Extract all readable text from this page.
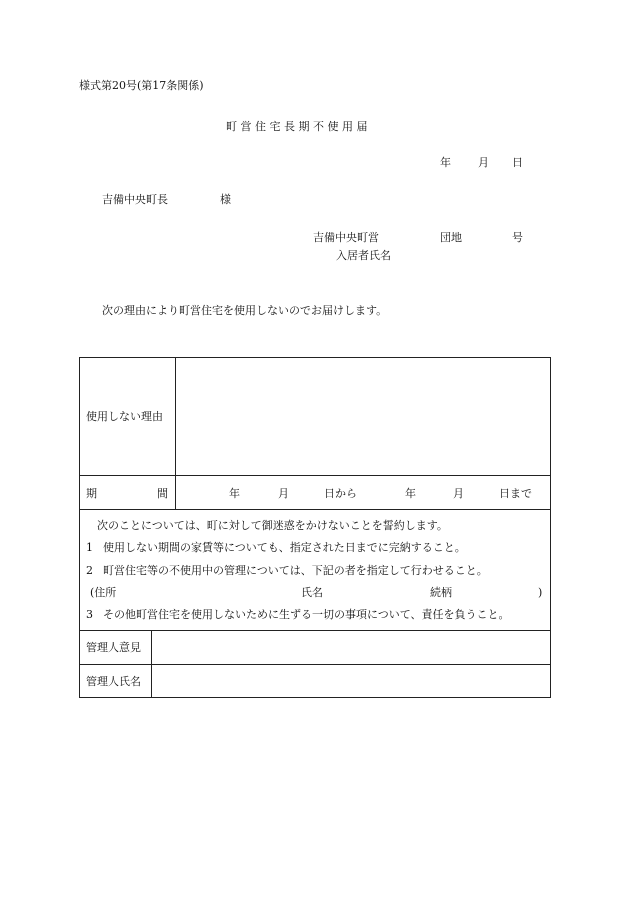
様式第20号(第17条関係)
町 営 住 宅 長 期 不 使 用 届
年 月 日
吉備中央町長	様
吉備中央町営	団地	号
入居者氏名
次の理由により町営住宅を使用しないのでお届けします。
使用しない理由
期	間	年	月	日から	年	月	日まで
次のことについては、町に対して御迷惑をかけないことを誓約します。
1 使用しない期間の家賃等についても、指定された日までに完納すること。
2 町営住宅等の不使用中の管理については、下記の者を指定して行わせること。
(住所	氏名	続柄	)
3 その他町営住宅を使用しないために生ずる一切の事項について、責任を負うこと。
管理人意見
管理人氏名
